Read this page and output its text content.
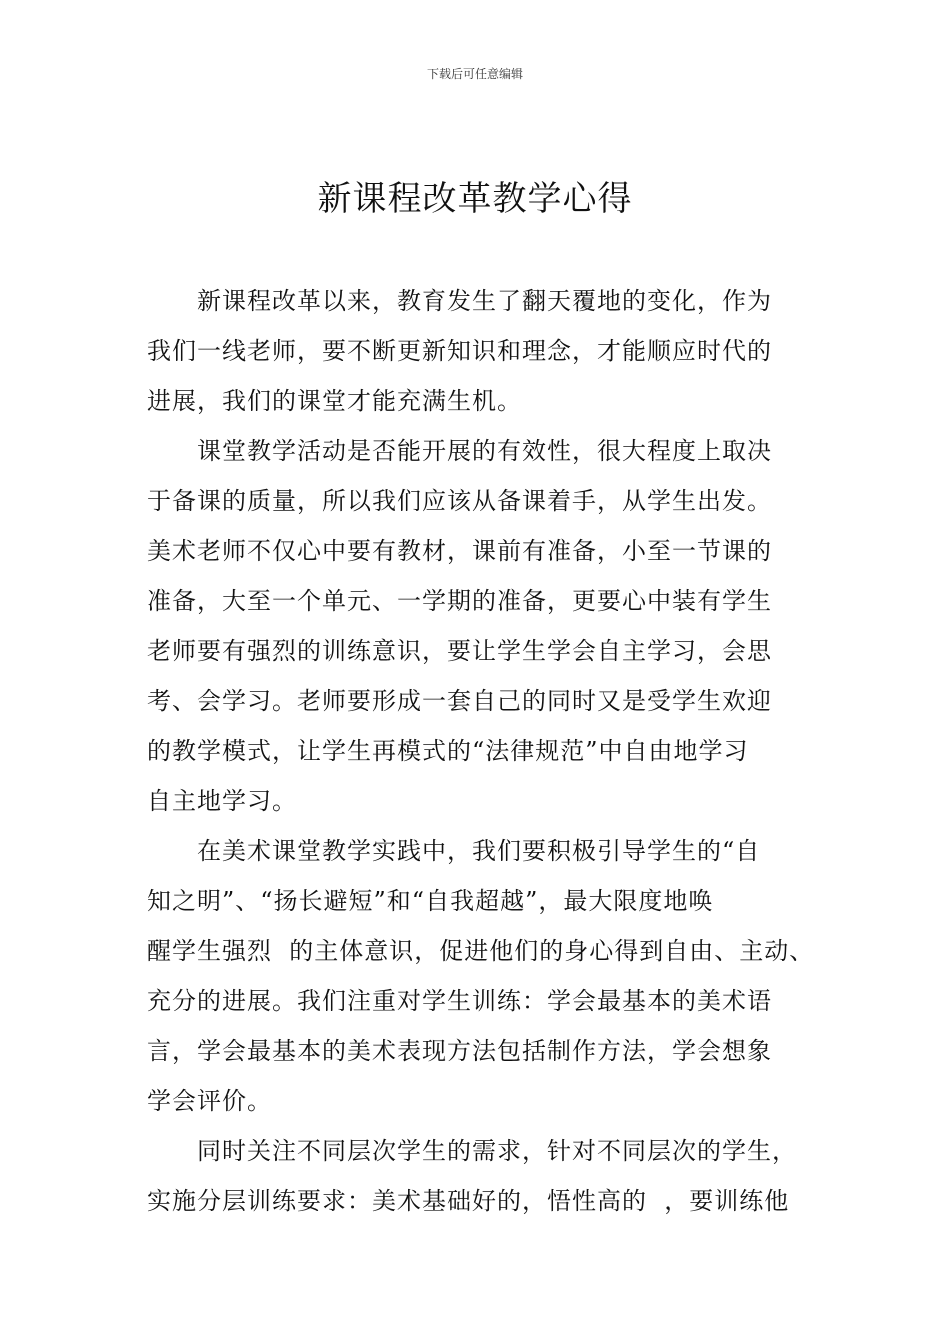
下载后可任意编辑
新课程改革教学心得
新课程改革以来，教育发生了翻天覆地的变化，作为
我们一线老师，要不断更新知识和理念，才能顺应时代的
进展，我们的课堂才能充满生机。
课堂教学活动是否能开展的有效性，很大程度上取决
于备课的质量，所以我们应该从备课着手，从学生出发。
美术老师不仅心中要有教材，课前有准备，小至一节课的
准备，大至一个单元、一学期的准备，更要心中装有学生
老师要有强烈的训练意识，要让学生学会自主学习，会思
考、会学习。老师要形成一套自己的同时又是受学生欢迎
的教学模式，让学生再模式的“法律规范”中自由地学习
自主地学习。
在美术课堂教学实践中，我们要积极引导学生的“自
知之明”、“扬长避短”和“自我超越”，最大限度地唤
醒学生强烈  的主体意识，促进他们的身心得到自由、主动、
充分的进展。我们注重对学生训练：学会最基本的美术语
言，学会最基本的美术表现方法包括制作方法，学会想象
学会评价。
同时关注不同层次学生的需求，针对不同层次的学生，
实施分层训练要求：美术基础好的，悟性高的  ，要训练他
